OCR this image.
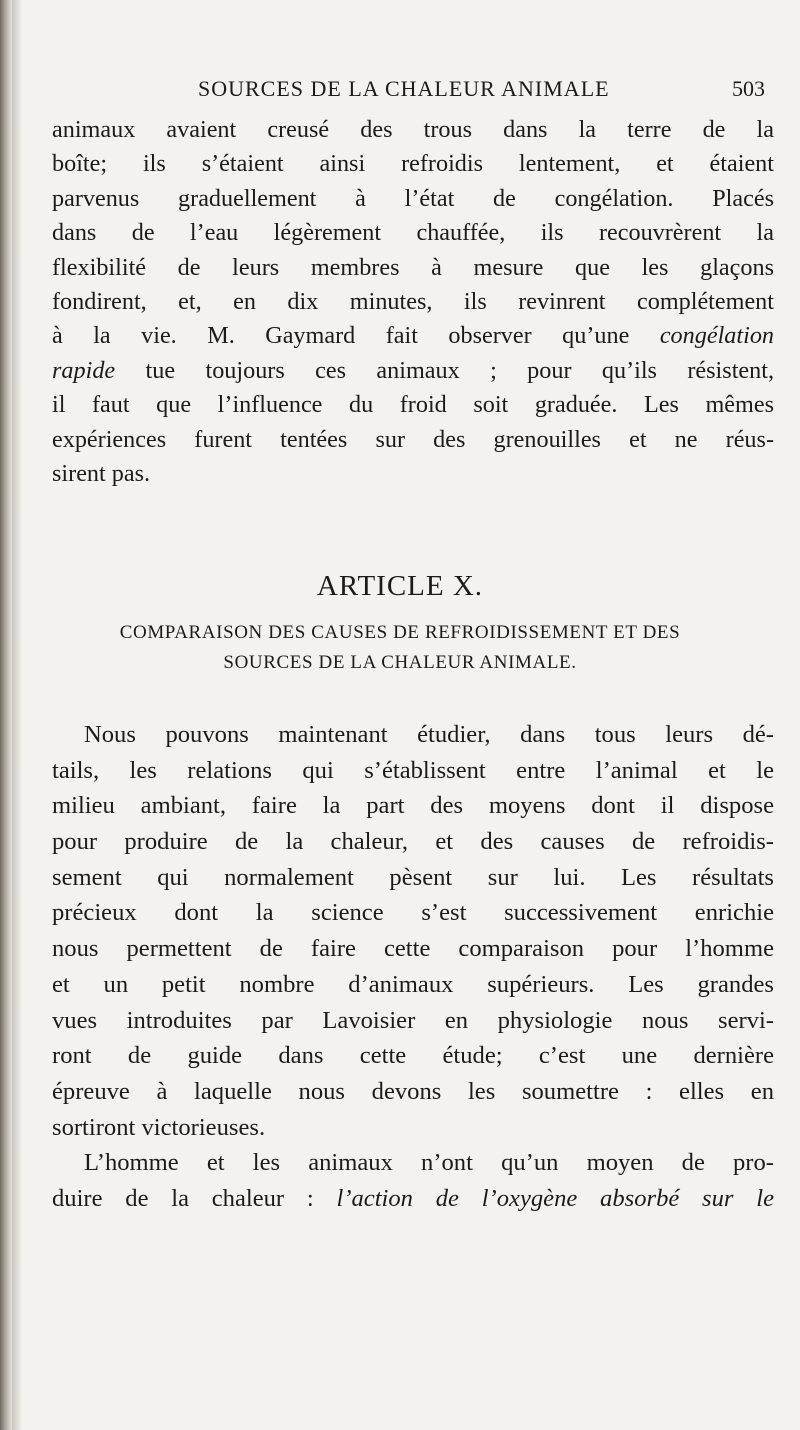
SOURCES DE LA CHALEUR ANIMALE	503
animaux avaient creusé des trous dans la terre de la
boîte; ils s’étaient ainsi refroidis lentement, et étaient
parvenus graduellement à l’état de congélation. Placés
dans de l’eau légèrement chauffée, ils recouvrèrent la
flexibilité de leurs membres à mesure que les glaçons
fondirent, et, en dix minutes, ils revinrent complétement
à la vie. M. Gaymard fait observer qu’une congélation
rapide tue toujours ces animaux ; pour qu’ils résistent,
il faut que l’influence du froid soit graduée. Les mêmes
expériences furent tentées sur des grenouilles et ne réus-
sirent pas.
ARTICLE X.
COMPARAISON DES CAUSES DE REFROIDISSEMENT ET DES
SOURCES DE LA CHALEUR ANIMALE.
Nous pouvons maintenant étudier, dans tous leurs dé-
tails, les relations qui s’établissent entre l’animal et le
milieu ambiant, faire la part des moyens dont il dispose
pour produire de la chaleur, et des causes de refroidis-
sement qui normalement pèsent sur lui. Les résultats
précieux dont la science s’est successivement enrichie
nous permettent de faire cette comparaison pour l’homme
et un petit nombre d’animaux supérieurs. Les grandes
vues introduites par Lavoisier en physiologie nous servi-
ront de guide dans cette étude; c’est une dernière
épreuve à laquelle nous devons les soumettre : elles en
sortiront victorieuses.
L’homme et les animaux n’ont qu’un moyen de pro-
duire de la chaleur : l’action de l’oxygène absorbé sur le
